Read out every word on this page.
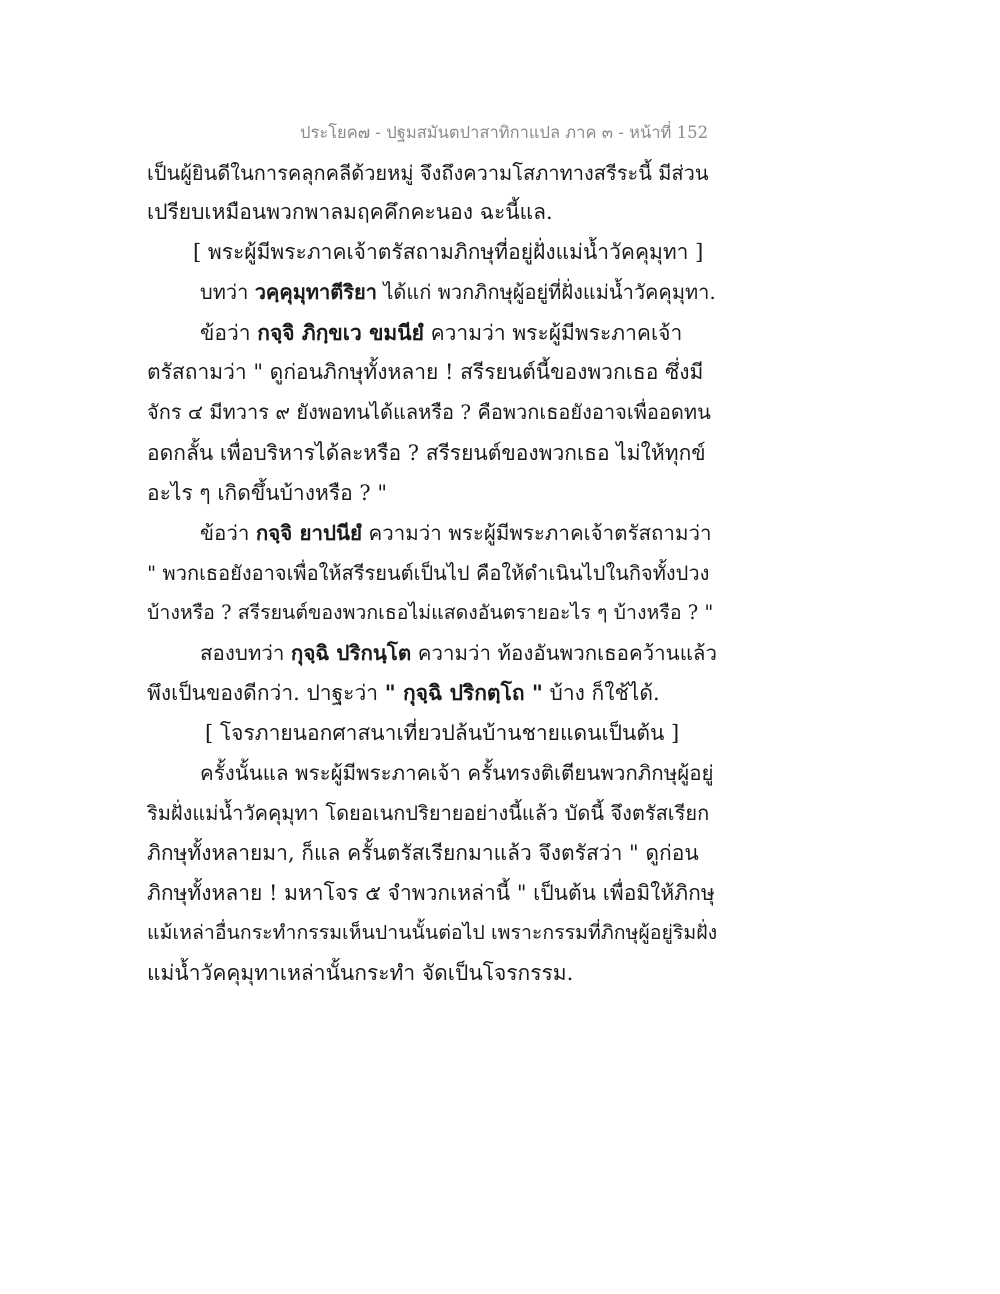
ประโยค๗ - ปฐมสมันตปาสาทิกาแปล ภาค ๓ - หน้าที่ 152
เป็นผู้ยินดีในการคลุกคลีด้วยหมู่ จึงถึงความโสภาทางสรีระนี้ มีส่วน
เปรียบเหมือนพวกพาลมฤคคึกคะนอง ฉะนี้แล.
[ พระผู้มีพระภาคเจ้าตรัสถามภิกษุที่อยู่ฝั่งแม่น้ำวัคคุมุทา ]
บทว่า วคฺคุมุทาตีริยา ได้แก่ พวกภิกษุผู้อยู่ที่ฝั่งแม่น้ำวัคคุมุทา.
ข้อว่า กจฺจิ ภิกฺขเว ขมนียํ ความว่า พระผู้มีพระภาคเจ้า
ตรัสถามว่า " ดูก่อนภิกษุทั้งหลาย ! สรีรยนต์นี้ของพวกเธอ ซึ่งมี
จักร ๔ มีทวาร ๙ ยังพอทนได้แลหรือ ? คือพวกเธอยังอาจเพื่ออดทน
อดกลั้น เพื่อบริหารได้ละหรือ ? สรีรยนต์ของพวกเธอ ไม่ให้ทุกข์
อะไร ๆ เกิดขึ้นบ้างหรือ ? "
ข้อว่า กจฺจิ ยาปนียํ ความว่า พระผู้มีพระภาคเจ้าตรัสถามว่า
" พวกเธอยังอาจเพื่อให้สรีรยนต์เป็นไป คือให้ดำเนินไปในกิจทั้งปวง
บ้างหรือ ? สรีรยนต์ของพวกเธอไม่แสดงอันตรายอะไร ๆ บ้างหรือ ? "
สองบทว่า กุจฺฉิ ปริกนฺโต ความว่า ท้องอันพวกเธอคว้านแล้ว
พึงเป็นของดีกว่า. ปาฐะว่า " กุจฺฉิ ปริกตฺโถ " บ้าง ก็ใช้ได้.
[ โจรภายนอกศาสนาเที่ยวปล้นบ้านชายแดนเป็นต้น ]
ครั้งนั้นแล พระผู้มีพระภาคเจ้า ครั้นทรงติเตียนพวกภิกษุผู้อยู่
ริมฝั่งแม่น้ำวัคคุมุทา โดยอเนกปริยายอย่างนี้แล้ว บัดนี้ จึงตรัสเรียก
ภิกษุทั้งหลายมา, ก็แล ครั้นตรัสเรียกมาแล้ว จึงตรัสว่า " ดูก่อน
ภิกษุทั้งหลาย ! มหาโจร ๕ จำพวกเหล่านี้ " เป็นต้น เพื่อมิให้ภิกษุ
แม้เหล่าอื่นกระทำกรรมเห็นปานนั้นต่อไป เพราะกรรมที่ภิกษุผู้อยู่ริมฝั่ง
แม่น้ำวัคคุมุทาเหล่านั้นกระทำ จัดเป็นโจรกรรม.
